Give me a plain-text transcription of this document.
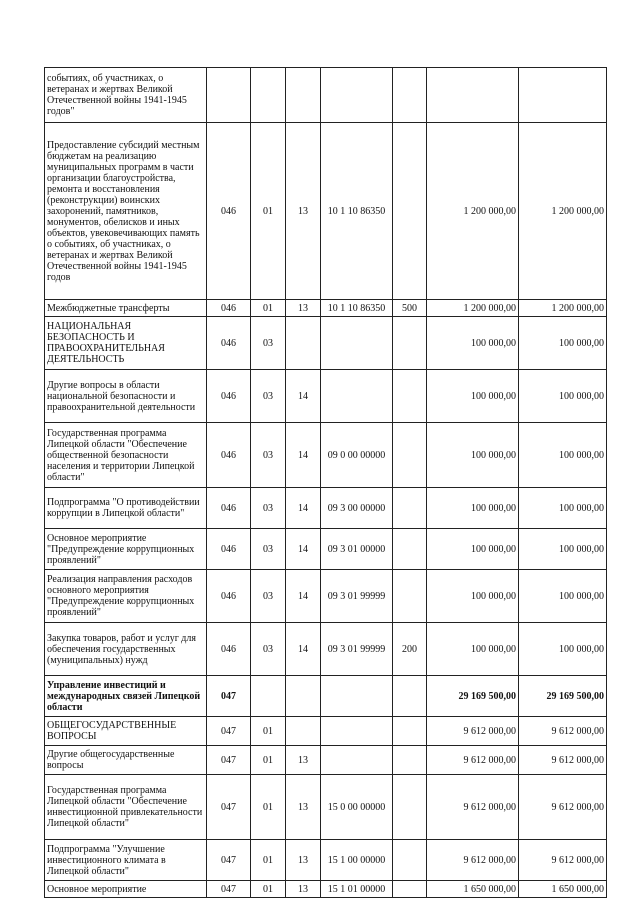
событиях, об участниках, о ветеранах и жертвах Великой Отечественной войны 1941-1945 годов"							
Предоставление субсидий местным бюджетам на реализацию муниципальных программ в части организации благоустройства, ремонта и восстановления (реконструкции) воинских захоронений, памятников, монументов, обелисков и иных объектов, увековечивающих память о событиях, об участниках, о ветеранах и жертвах Великой Отечественной войны 1941-1945 годов	046	01	13	10 1 10 86350		1 200 000,00	1 200 000,00
Межбюджетные трансферты	046	01	13	10 1 10 86350	500	1 200 000,00	1 200 000,00
НАЦИОНАЛЬНАЯ БЕЗОПАСНОСТЬ И ПРАВООХРАНИТЕЛЬНАЯ ДЕЯТЕЛЬНОСТЬ	046	03				100 000,00	100 000,00
Другие вопросы в области национальной безопасности и правоохранительной деятельности	046	03	14			100 000,00	100 000,00
Государственная программа Липецкой области "Обеспечение общественной безопасности населения и территории Липецкой области"	046	03	14	09 0 00 00000		100 000,00	100 000,00
Подпрограмма "О противодействии коррупции в Липецкой области"	046	03	14	09 3 00 00000		100 000,00	100 000,00
Основное мероприятие "Предупреждение коррупционных проявлений"	046	03	14	09 3 01 00000		100 000,00	100 000,00
Реализация направления расходов основного мероприятия "Предупреждение коррупционных проявлений"	046	03	14	09 3 01 99999		100 000,00	100 000,00
Закупка товаров, работ и услуг для обеспечения государственных (муниципальных) нужд	046	03	14	09 3 01 99999	200	100 000,00	100 000,00
Управление инвестиций и международных связей Липецкой области	047					29 169 500,00	29 169 500,00
ОБЩЕГОСУДАРСТВЕННЫЕ ВОПРОСЫ	047	01				9 612 000,00	9 612 000,00
Другие общегосударственные вопросы	047	01	13			9 612 000,00	9 612 000,00
Государственная программа Липецкой области "Обеспечение инвестиционной привлекательности Липецкой области"	047	01	13	15 0 00 00000		9 612 000,00	9 612 000,00
Подпрограмма "Улучшение инвестиционного климата в Липецкой области"	047	01	13	15 1 00 00000		9 612 000,00	9 612 000,00
Основное мероприятие	047	01	13	15 1 01 00000		1 650 000,00	1 650 000,00
